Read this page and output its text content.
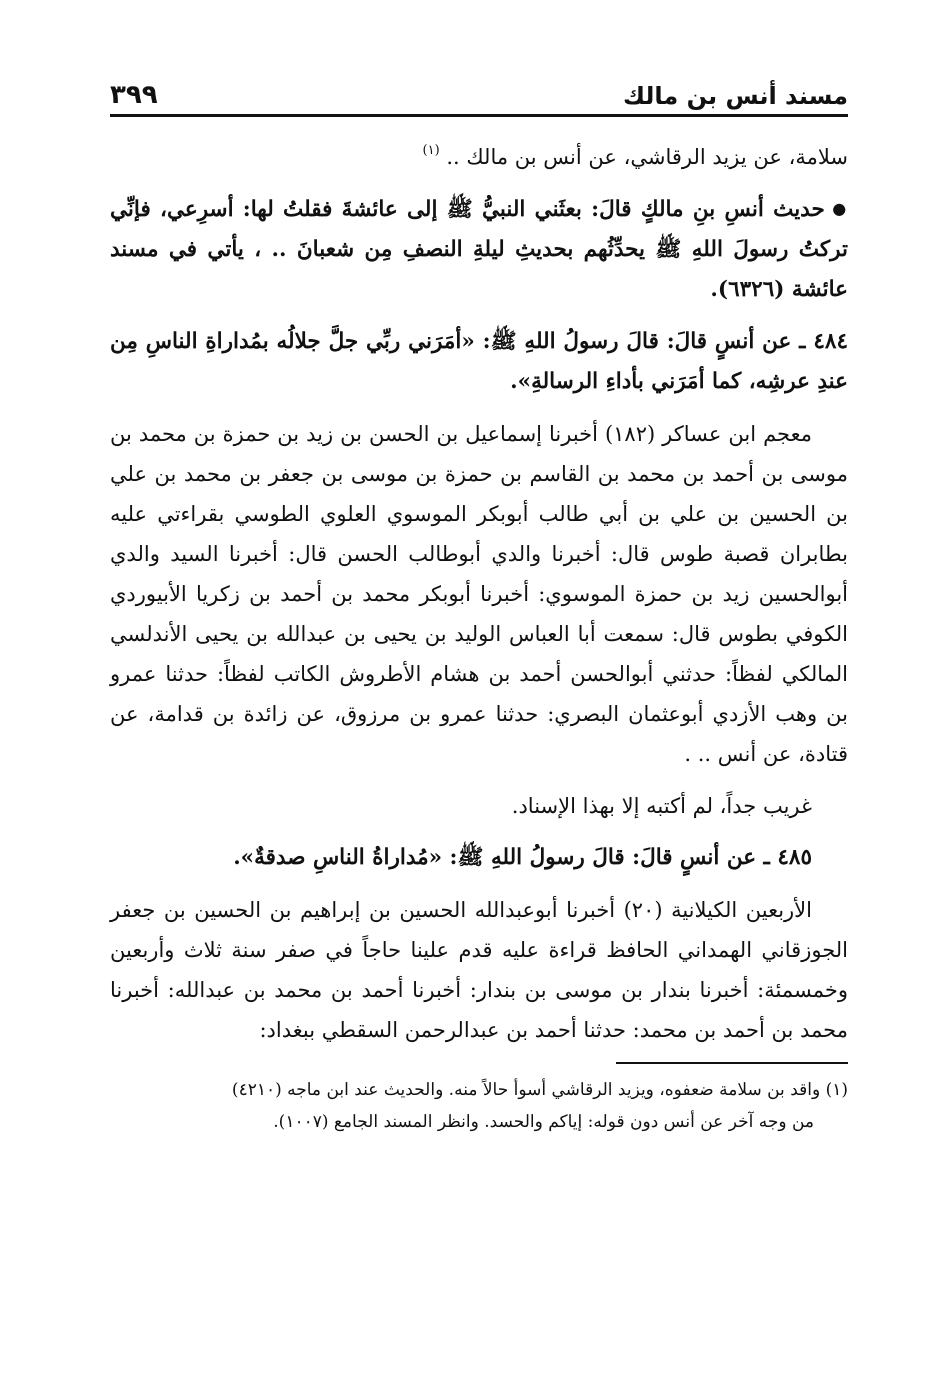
مسند أنس بن مالك
٣٩٩

سلامة، عن يزيد الرقاشي، عن أنس بن مالك .. $^{(١)}$

● حديث أنسِ بنِ مالكٍ قالَ: بعثَني النبيُّ ﷺ إلى عائشةَ فقلتُ لها: أسرِعي، فإنِّي تركتُ رسولَ اللهِ ﷺ يحدِّثُهم بحديثِ ليلةِ النصفِ مِن شعبانَ .. ، يأتي في مسند عائشة (٦٣٢٦).

٤٨٤ ـ عن أنسٍ قالَ: قالَ رسولُ اللهِ ﷺ: «أمَرَني ربِّي جلَّ جلالُه بمُداراةِ الناسِ مِن عندِ عرشِه، كما أمَرَني بأداءِ الرسالةِ».

معجم ابن عساكر (١٨٢) أخبرنا إسماعيل بن الحسن بن زيد بن حمزة بن محمد بن موسى بن أحمد بن محمد بن القاسم بن حمزة بن موسى بن جعفر بن محمد بن علي بن الحسين بن علي بن أبي طالب أبوبكر الموسوي العلوي الطوسي بقراءتي عليه بطابران قصبة طوس قال: أخبرنا والدي أبوطالب الحسن قال: أخبرنا السيد والدي أبوالحسين زيد بن حمزة الموسوي: أخبرنا أبوبكر محمد بن أحمد بن زكريا الأبيوردي الكوفي بطوس قال: سمعت أبا العباس الوليد بن يحيى بن عبدالله بن يحيى الأندلسي المالكي لفظاً: حدثني أبوالحسن أحمد بن هشام الأطروش الكاتب لفظاً: حدثنا عمرو بن وهب الأزدي أبوعثمان البصري: حدثنا عمرو بن مرزوق، عن زائدة بن قدامة، عن قتادة، عن أنس .. .

غريب جداً، لم أكتبه إلا بهذا الإسناد.

٤٨٥ ـ عن أنسٍ قالَ: قالَ رسولُ اللهِ ﷺ: «مُداراةُ الناسِ صدقةٌ».

الأربعين الكيلانية (٢٠) أخبرنا أبوعبدالله الحسين بن إبراهيم بن الحسين بن جعفر الجوزقاني الهمداني الحافظ قراءة عليه قدم علينا حاجاً في صفر سنة ثلاث وأربعين وخمسمئة: أخبرنا بندار بن موسى بن بندار: أخبرنا أحمد بن محمد بن عبدالله: أخبرنا محمد بن أحمد بن محمد: حدثنا أحمد بن عبدالرحمن السقطي ببغداد:

(١) واقد بن سلامة ضعفوه، ويزيد الرقاشي أسوأ حالاً منه. والحديث عند ابن ماجه (٤٢١٠)
من وجه آخر عن أنس دون قوله: إياكم والحسد. وانظر المسند الجامع (١٠٠٧).
